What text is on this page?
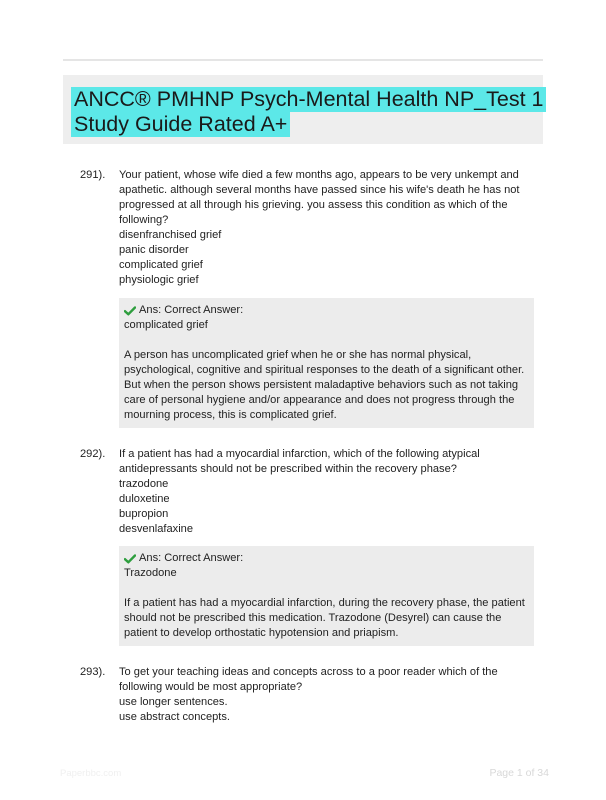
ANCC® PMHNP Psych-Mental Health NP_Test 1
Study Guide Rated A+
291). Your patient, whose wife died a few months ago, appears to be very unkempt and apathetic. although several months have passed since his wife's death he has not progressed at all through his grieving. you assess this condition as which of the following?
disenfranchised grief
panic disorder
complicated grief
physiologic grief
Ans: Correct Answer:
complicated grief
A person has uncomplicated grief when he or she has normal physical, psychological, cognitive and spiritual responses to the death of a significant other. But when the person shows persistent maladaptive behaviors such as not taking care of personal hygiene and/or appearance and does not progress through the mourning process, this is complicated grief.
292). If a patient has had a myocardial infarction, which of the following atypical antidepressants should not be prescribed within the recovery phase?
trazodone
duloxetine
bupropion
desvenlafaxine
Ans: Correct Answer:
Trazodone
If a patient has had a myocardial infarction, during the recovery phase, the patient should not be prescribed this medication. Trazodone (Desyrel) can cause the patient to develop orthostatic hypotension and priapism.
293). To get your teaching ideas and concepts across to a poor reader which of the following would be most appropriate?
use longer sentences.
use abstract concepts.
Paperbbc.com	Page 1 of 34
